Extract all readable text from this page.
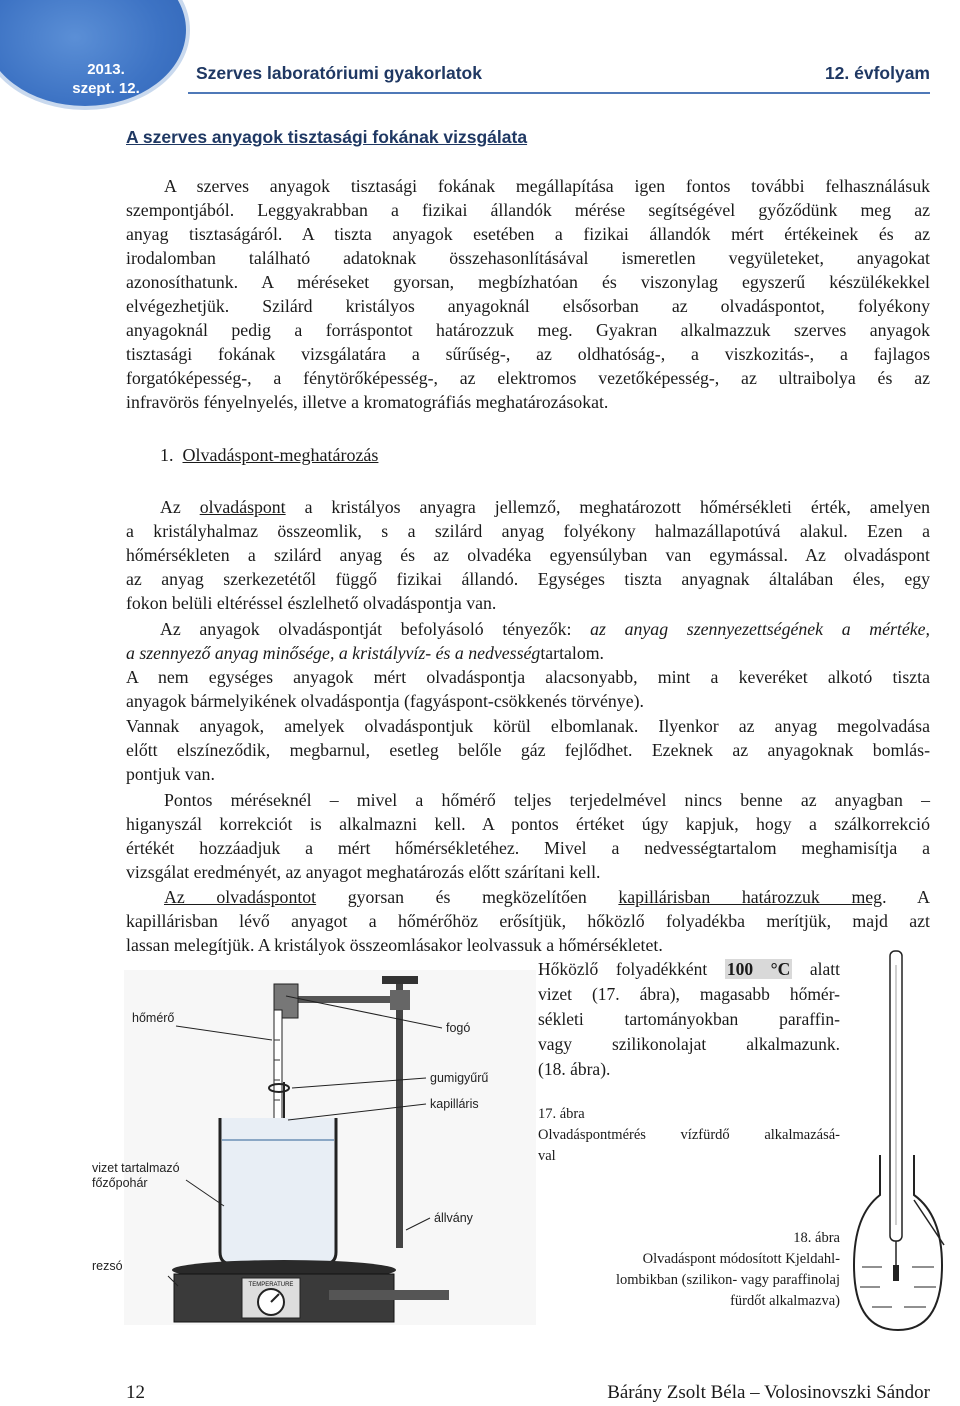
2013.
szept. 12.
Szerves laboratóriumi gyakorlatok	12. évfolyam
A szerves anyagok tisztasági fokának vizsgálata
A szerves anyagok tisztasági fokának megállapítása igen fontos további felhasználásuk
szempontjából. Leggyakrabban a fizikai állandók mérése segítségével győződünk meg az
anyag tisztaságáról. A tiszta anyagok esetében a fizikai állandók mért értékeinek és az
irodalomban található adatoknak összehasonlításával ismeretlen vegyületeket, anyagokat
azonosíthatunk. A méréseket gyorsan, megbízhatóan és viszonylag egyszerű készülékekkel
elvégezhetjük. Szilárd kristályos anyagoknál elsősorban az olvadáspontot, folyékony
anyagoknál pedig a forráspontot határozzuk meg. Gyakran alkalmazzuk szerves anyagok
tisztasági fokának vizsgálatára a sűrűség-, az oldhatóság-, a viszkozitás-, a fajlagos
forgatóképesség-, a fénytörőképesség-, az elektromos vezetőképesség-, az ultraibolya és az
infravörös fényelnyelés, illetve a kromatográfiás meghatározásokat.
1. Olvadáspont-meghatározás
Az olvadáspont a kristályos anyagra jellemző, meghatározott hőmérsékleti érték, amelyen
a kristályhalmaz összeomlik, s a szilárd anyag folyékony halmazállapotúvá alakul. Ezen a
hőmérsékleten a szilárd anyag és az olvadéka egyensúlyban van egymással. Az olvadáspont
az anyag szerkezetétől függő fizikai állandó. Egységes tiszta anyagnak általában éles, egy
fokon belüli eltéréssel észlelhető olvadáspontja van.
Az anyagok olvadáspontját befolyásoló tényezők: az anyag szennyezettségének a mértéke,
a szennyező anyag minősége, a kristályvíz- és a nedvességtartalom.
A nem egységes anyagok mért olvadáspontja alacsonyabb, mint a keveréket alkotó tiszta
anyagok bármelyikének olvadáspontja (fagyáspont-csökkenés törvénye).
Vannak anyagok, amelyek olvadáspontjuk körül elbomlanak. Ilyenkor az anyag megolvadása
előtt elszíneződik, megbarnul, esetleg belőle gáz fejlődhet. Ezeknek az anyagoknak bomlás-
pontjuk van.
Pontos méréseknél – mivel a hőmérő teljes terjedelmével nincs benne az anyagban –
higanyszál korrekciót is alkalmazni kell. A pontos értéket úgy kapjuk, hogy a szálkorrekció
értékét hozzáadjuk a mért hőmérsékletéhez. Mivel a nedvességtartalom meghamisítja a
vizsgálat eredményét, az anyagot meghatározás előtt szárítani kell.
Az olvadáspontot gyorsan és megközelítően kapillárisban határozzuk meg. A
kapillárisban lévő anyagot a hőmérőhöz erősítjük, hőközlő folyadékba merítjük, majd azt
lassan melegítjük. A kristályok összeomlásakor leolvassuk a hőmérsékletet.
Hőközlő folyadékként 100 °C alatt
vizet (17. ábra), magasabb hőmér-
sékleti tartományokban paraffin-
vagy szilikonolajat alkalmazunk.
(18. ábra).
17. ábra
Olvadáspontmérés vízfürdő alkalmazásá-
val
18. ábra
Olvadáspont módosított Kjeldahl-
lombikban (szilikon- vagy paraffinolaj
fürdőt alkalmazva)
TEMPERATURE
hőmérő
fogó
gumigyűrű
kapilláris
vizet tartalmazó
főzőpohár
állvány
rezsó
12	Bárány Zsolt Béla – Volosinovszki Sándor
